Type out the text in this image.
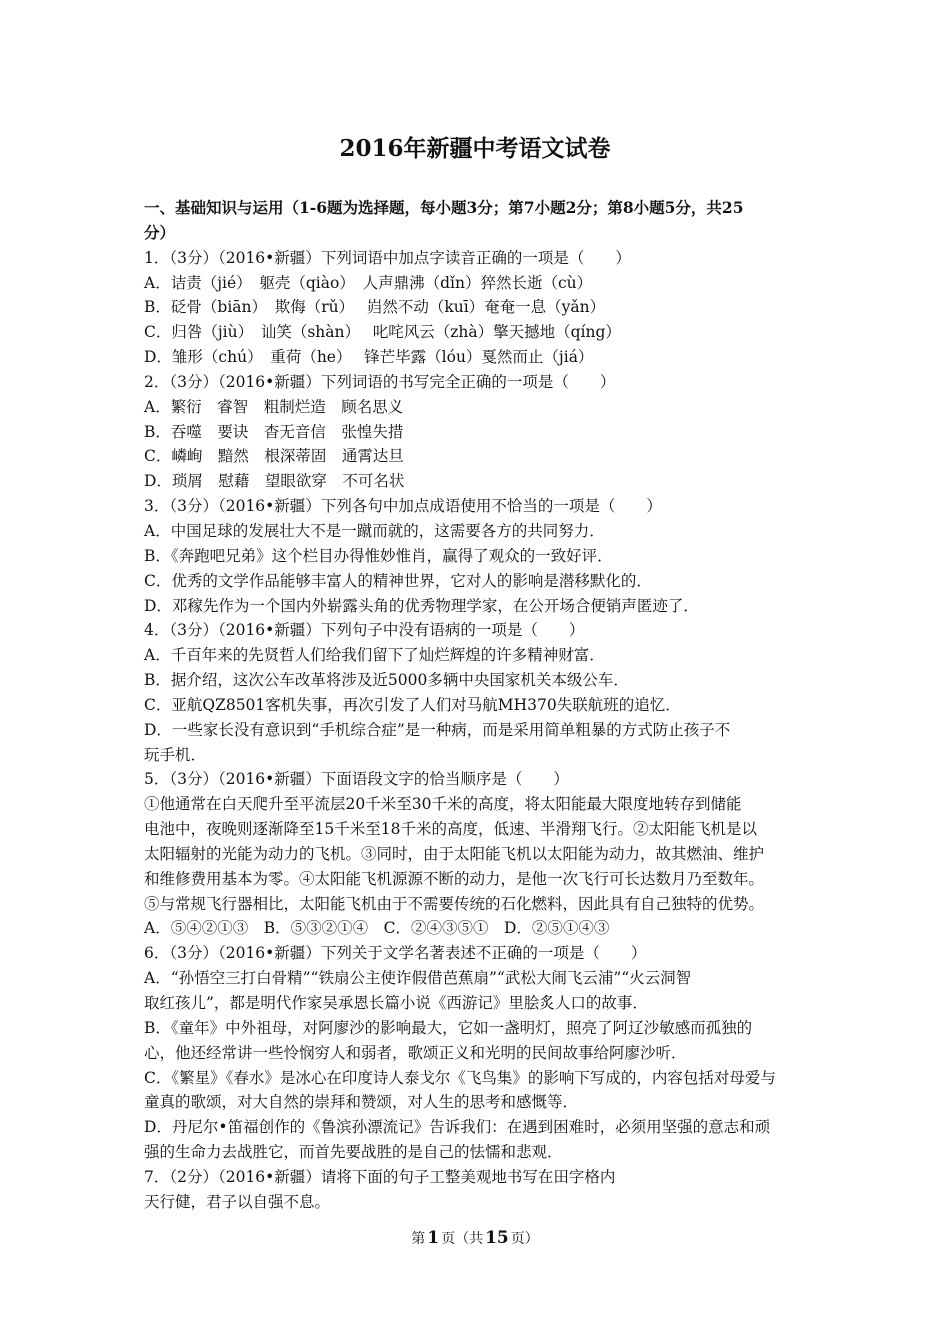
2016年新疆中考语文试卷

一、基础知识与运用（1-6题为选择题，每小题3分；第7小题2分；第8小题5分，共25

分）

1．（3分）（2016•新疆）下列词语中加点字读音正确的一项是（　　）

A．诘责（jié）　躯壳（qiào）　人声鼎沸（dǐn）猝然长逝（cù）

B．砭骨（biān）　欺侮（rǔ）　 岿然不动（kuī）奄奄一息（yǎn）

C．归咎（jiù）　讪笑（shàn）　 叱咤风云（zhà）擎天撼地（qíng）

D．雏形（chú）　重荷（he）　 锋芒毕露（lóu）戛然而止（jiá）

2．（3分）（2016•新疆）下列词语的书写完全正确的一项是（　　）

A．繁衍　睿智　粗制烂造　顾名思义

B．吞噬　要诀　杳无音信　张惶失措

C．嶙峋　黯然　根深蒂固　通霄达旦

D．琐屑　慰藉　望眼欲穿　不可名状

3．（3分）（2016•新疆）下列各句中加点成语使用不恰当的一项是（　　）

A．中国足球的发展壮大不是一蹴而就的，这需要各方的共同努力．

B．《奔跑吧兄弟》这个栏目办得惟妙惟肖，赢得了观众的一致好评．

C．优秀的文学作品能够丰富人的精神世界，它对人的影响是潜移默化的．

D．邓稼先作为一个国内外崭露头角的优秀物理学家，在公开场合便销声匿迹了．

4．（3分）（2016•新疆）下列句子中没有语病的一项是（　　）

A．千百年来的先贤哲人们给我们留下了灿烂辉煌的许多精神财富．

B．据介绍，这次公车改革将涉及近5000多辆中央国家机关本级公车．

C．亚航QZ8501客机失事，再次引发了人们对马航MH370失联航班的追忆．

D．一些家长没有意识到“手机综合症”是一种病，而是采用简单粗暴的方式防止孩子不

玩手机．

5．（3分）（2016•新疆）下面语段文字的恰当顺序是（　　）

①他通常在白天爬升至平流层20千米至30千米的高度，将太阳能最大限度地转存到储能

电池中，夜晚则逐渐降至15千米至18千米的高度，低速、半滑翔飞行。②太阳能飞机是以

太阳辐射的光能为动力的飞机。③同时，由于太阳能飞机以太阳能为动力，故其燃油、维护

和维修费用基本为零。④太阳能飞机源源不断的动力，是他一次飞行可长达数月乃至数年。

⑤与常规飞行器相比，太阳能飞机由于不需要传统的石化燃料，因此具有自己独特的优势。

A．⑤④②①③　B．⑤③②①④　C．②④③⑤①　D．②⑤①④③

6．（3分）（2016•新疆）下列关于文学名著表述不正确的一项是（　　）

A．“孙悟空三打白骨精”“铁扇公主使诈假借芭蕉扇”“武松大闹飞云浦”“火云洞智

取红孩儿”，都是明代作家吴承恩长篇小说《西游记》里脍炙人口的故事．

B．《童年》中外祖母，对阿廖沙的影响最大，它如一盏明灯，照亮了阿辽沙敏感而孤独的

心，他还经常讲一些怜悯穷人和弱者，歌颂正义和光明的民间故事给阿廖沙听．

C．《繁星》《春水》是冰心在印度诗人泰戈尔《飞鸟集》的影响下写成的，内容包括对母爱与

童真的歌颂，对大自然的崇拜和赞颂，对人生的思考和感慨等．

D．丹尼尔•笛福创作的《鲁滨孙漂流记》告诉我们：在遇到困难时，必须用坚强的意志和顽

强的生命力去战胜它，而首先要战胜的是自己的怯懦和悲观．

7．（2分）（2016•新疆）请将下面的句子工整美观地书写在田字格内

天行健，君子以自强不息。

第 1 页（共 15 页）
